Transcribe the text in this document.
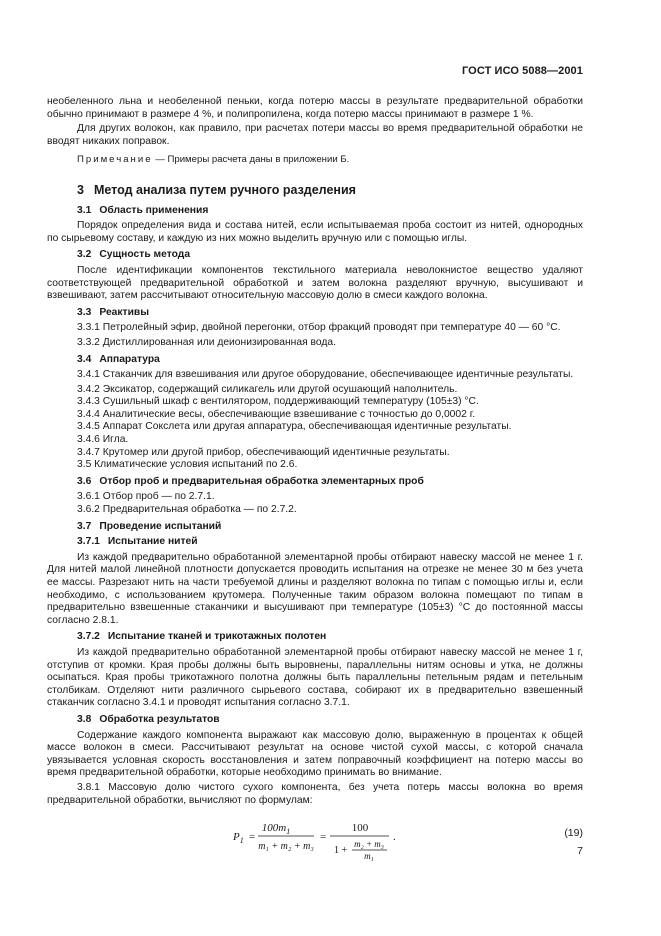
ГОСТ ИСО 5088—2001

необеленного льна и необеленной пеньки, когда потерю массы в результате предварительной обработки обычно принимают в размере 4 %, и полипропилена, когда потерю массы принимают в размере 1 %.

Для других волокон, как правило, при расчетах потери массы во время предварительной обработки не вводят никаких поправок.

Примечание — Примеры расчета даны в приложении Б.

3 Метод анализа путем ручного разделения
3.1 Область применения

Порядок определения вида и состава нитей, если испытываемая проба состоит из нитей, однородных по сырьевому составу, и каждую из них можно выделить вручную или с помощью иглы.

3.2 Сущность метода

После идентификации компонентов текстильного материала неволокнистое вещество удаляют соответствующей предварительной обработкой и затем волокна разделяют вручную, высушивают и взвешивают, затем рассчитывают относительную массовую долю в смеси каждого волокна.

3.3 Реактивы

3.3.1 Петролейный эфир, двойной перегонки, отбор фракций проводят при температуре 40 — 60 °С.

3.3.2 Дистиллированная или деионизированная вода.

3.4 Аппаратура

3.4.1 Стаканчик для взвешивания или другое оборудование, обеспечивающее идентичные результаты.

3.4.2 Эксикатор, содержащий силикагель или другой осушающий наполнитель.

3.4.3 Сушильный шкаф с вентилятором, поддерживающий температуру (105±3) °С.

3.4.4 Аналитические весы, обеспечивающие взвешивание с точностью до 0,0002 г.

3.4.5 Аппарат Сокслета или другая аппаратура, обеспечивающая идентичные результаты.

3.4.6 Игла.

3.4.7 Крутомер или другой прибор, обеспечивающий идентичные результаты.

3.5 Климатические условия испытаний по 2.6.

3.6 Отбор проб и предварительная обработка элементарных проб

3.6.1 Отбор проб — по 2.7.1.

3.6.2 Предварительная обработка — по 2.7.2.

3.7 Проведение испытаний
3.7.1 Испытание нитей

Из каждой предварительно обработанной элементарной пробы отбирают навеску массой не менее 1 г. Для нитей малой линейной плотности допускается проводить испытания на отрезке не менее 30 м без учета ее массы. Разрезают нить на части требуемой длины и разделяют волокна по типам с помощью иглы и, если необходимо, с использованием крутомера. Полученные таким образом волокна помещают по типам в предварительно взвешенные стаканчики и высушивают при температуре (105±3) °С до постоянной массы согласно 2.8.1.

3.7.2 Испытание тканей и трикотажных полотен

Из каждой предварительно обработанной элементарной пробы отбирают навеску массой не менее 1 г, отступив от кромки. Края пробы должны быть выровнены, параллельны нитям основы и утка, не должны осыпаться. Края пробы трикотажного полотна должны быть параллельны петельным рядам и петельным столбикам. Отделяют нити различного сырьевого состава, собирают их в предварительно взвешенный стаканчик согласно 3.4.1 и проводят испытания согласно 3.7.1.

3.8 Обработка результатов

Содержание каждого компонента выражают как массовую долю, выраженную в процентах к общей массе волокон в смеси. Рассчитывают результат на основе чистой сухой массы, с которой сначала увязывается условная скорость восстановления и затем поправочный коэффициент на потерю массы во время предварительной обработки, которые необходимо принимать во внимание.

3.8.1 Массовую долю чистого сухого компонента, без учета потерь массы волокна во время предварительной обработки, вычисляют по формулам:

$P_1$ =
$100m_1$
m₁ + m₂ + m₃
=
100
1 +
m₂ + m₃
m₁
.	(19)
7
